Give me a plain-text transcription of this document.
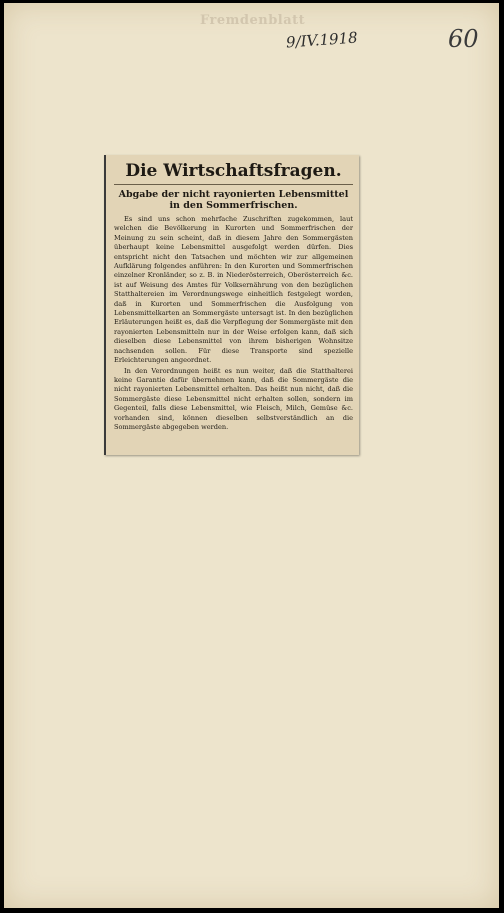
Fremdenblatt
9/IV.1918	60
Die Wirtschaftsfragen.
Abgabe der nicht rayonierten Lebensmittel in den Sommerfrischen.

Es sind uns schon mehrfache Zuschriften zugekommen, laut welchen die Bevölkerung in Kurorten und Sommerfrischen der Meinung zu sein scheint, daß in diesem Jahre den Sommergästen überhaupt keine Lebensmittel ausgefolgt werden dürfen. Dies entspricht nicht den Tatsachen und möchten wir zur allgemeinen Aufklärung folgendes anführen: In den Kurorten und Sommerfrischen einzelner Kronländer, so z. B. in Niederösterreich, Oberösterreich &c. ist auf Weisung des Amtes für Volksernährung von den bezüglichen Statthaltereien im Verordnungswege einheitlich festgelegt worden, daß in Kurorten und Sommerfrischen die Ausfolgung von Lebensmittelkarten an Sommergäste untersagt ist. In den bezüglichen Erläuterungen heißt es, daß die Verpflegung der Sommergäste mit den rayonierten Lebensmitteln nur in der Weise erfolgen kann, daß sich dieselben diese Lebensmittel von ihrem bisherigen Wohnsitze nachsenden sollen. Für diese Transporte sind spezielle Erleichterungen angeordnet.

In den Verordnungen heißt es nun weiter, daß die Statthalterei keine Garantie dafür übernehmen kann, daß die Sommergäste die nicht rayonierten Lebensmittel erhalten. Das heißt nun nicht, daß die Sommergäste diese Lebensmittel nicht erhalten sollen, sondern im Gegenteil, falls diese Lebensmittel, wie Fleisch, Milch, Gemüse &c. vorhanden sind, können dieselben selbstverständlich an die Sommergäste abgegeben werden.
